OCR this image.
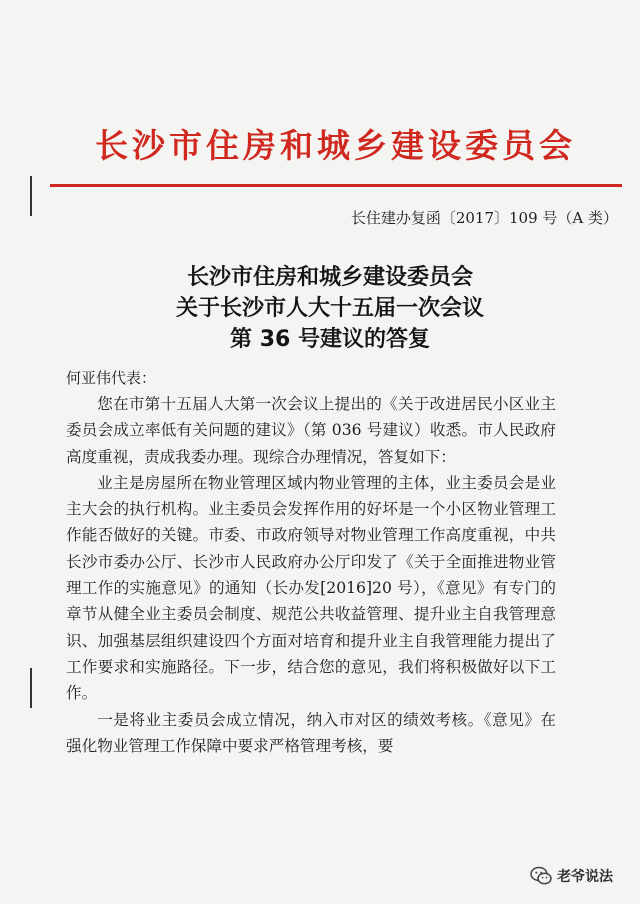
长沙市住房和城乡建设委员会
长住建办复函〔2017〕109 号（A 类）
长沙市住房和城乡建设委员会
关于长沙市人大十五届一次会议
第 36 号建议的答复
何亚伟代表：

您在市第十五届人大第一次会议上提出的《关于改进居民小区业主委员会成立率低有关问题的建议》（第 036 号建议）收悉。市人民政府高度重视，责成我委办理。现综合办理情况，答复如下：

业主是房屋所在物业管理区域内物业管理的主体，业主委员会是业主大会的执行机构。业主委员会发挥作用的好坏是一个小区物业管理工作能否做好的关键。市委、市政府领导对物业管理工作高度重视，中共长沙市委办公厅、长沙市人民政府办公厅印发了《关于全面推进物业管理工作的实施意见》的通知（长办发[2016]20 号），《意见》有专门的章节从健全业主委员会制度、规范公共收益管理、提升业主自我管理意识、加强基层组织建设四个方面对培育和提升业主自我管理能力提出了工作要求和实施路径。下一步，结合您的意见，我们将积极做好以下工作。

一是将业主委员会成立情况，纳入市对区的绩效考核。《意见》在强化物业管理工作保障中要求严格管理考核，要

老爷说法
